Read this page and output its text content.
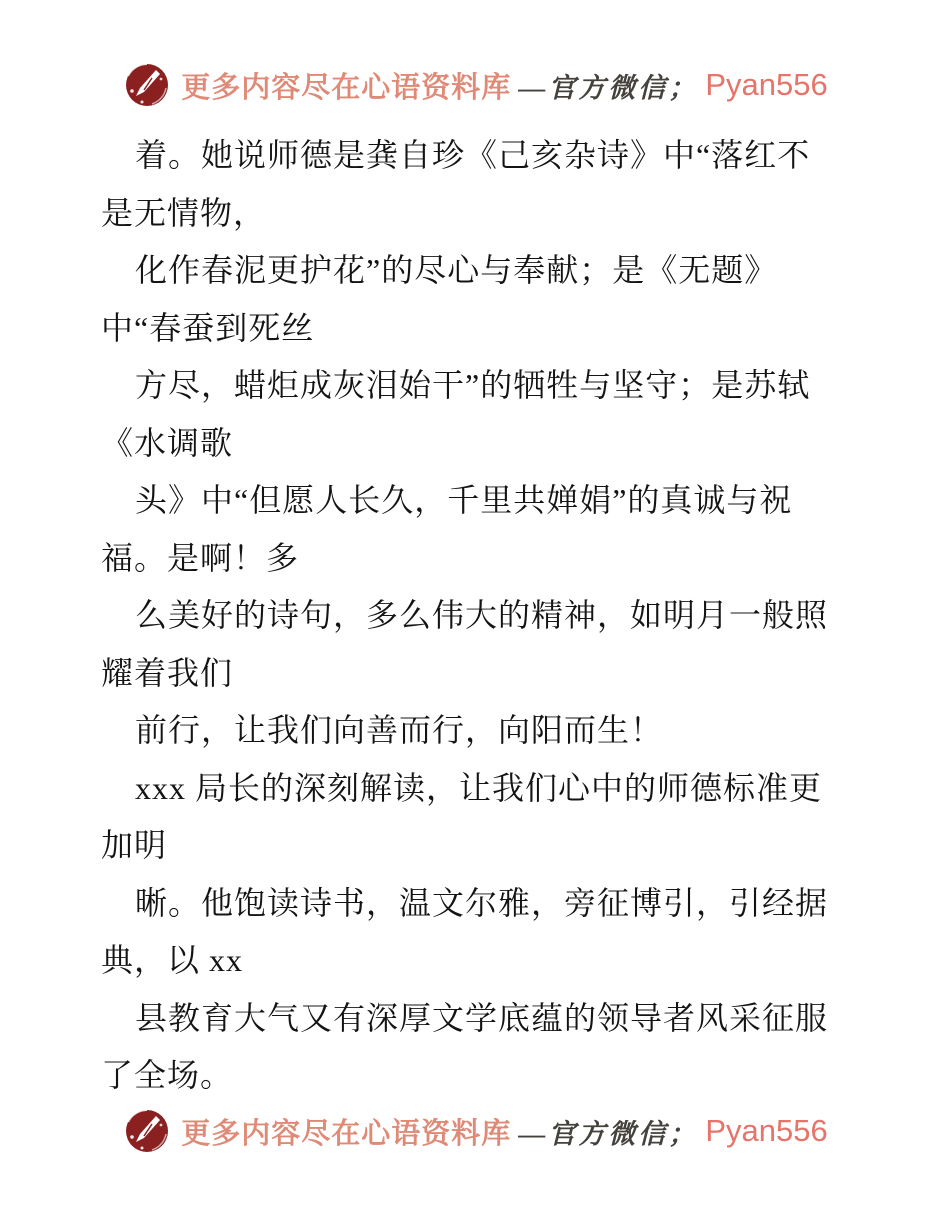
更多内容尽在心语资料库 —官方微信； Pyan556

着。她说师德是龚自珍《己亥杂诗》中“落红不

是无情物，

化作春泥更护花”的尽心与奉献；是《无题》

中“春蚕到死丝

方尽，蜡炬成灰泪始干”的牺牲与坚守；是苏轼

《水调歌

头》中“但愿人长久，千里共婵娟”的真诚与祝

福。是啊！多

么美好的诗句，多么伟大的精神，如明月一般照

耀着我们

前行，让我们向善而行，向阳而生！

xxx 局长的深刻解读，让我们心中的师德标准更

加明

晰。他饱读诗书，温文尔雅，旁征博引，引经据

典，以 xx

县教育大气又有深厚文学底蕴的领导者风采征服

了全场。

更多内容尽在心语资料库 —官方微信； Pyan556
